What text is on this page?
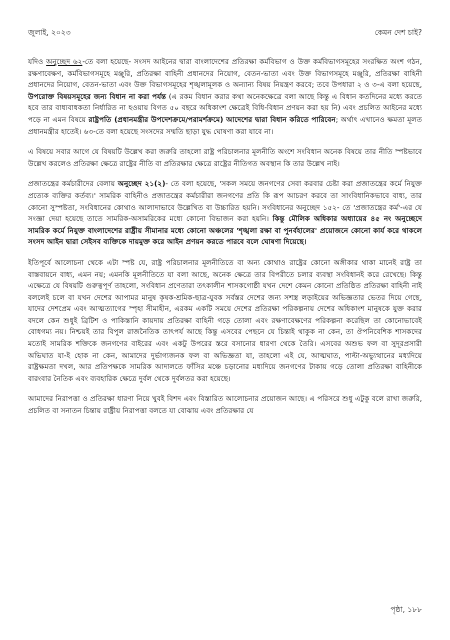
জুলাই, ২০২৩	কেমন দেশ চাই?

যদিও অনুচ্ছেদ ৬২-তে বলা হয়েছে- সংসদ আইনের দ্বারা বাংলাদেশের প্রতিরক্ষা কর্মবিভাগ ও উক্ত কর্মবিভাগসমূহের সংরক্ষিত অংশ গঠন, রক্ষণাবেক্ষণ, কর্মবিভাগসমূহে মঞ্জুরি, প্রতিরক্ষা বাহিনী প্রধানদের নিয়োগ, বেতন-ভাতা এবং উক্ত বিভাগসমূহে মঞ্জুরি, প্রতিরক্ষা বাহিনী প্রধানদের নিয়োগ, বেতন-ভাতা এবং উক্ত বিভাগসমূহের শৃঙ্খলামূলক ও অন্যান্য বিষয় নিয়ন্ত্রণ করবে; তবে উপধারা ২ ও ৩-এ বলা হয়েছে, উপরোক্ত বিষয়সমূহের জন্য বিধান না করা পর্যন্ত (এ রকম বিধান করার কথা অনেকক্ষেত্রে বলা আছে কিন্তু এ বিধান কতদিনের মধ্যে করতে হবে তার বাধ্যবাধকতা নির্ধারিত না হওয়ায় বিগত ৫০ বছরে অধিকাংশ ক্ষেত্রেই বিধি-বিধান প্রণয়ন করা হয় নি) এবং প্রচলিত আইনের মধ্যে পড়ে না এমন বিষয়ে রাষ্ট্রপতি (প্রধানমন্ত্রীর উপদেশক্রমে/পরামর্শক্রমে) আদেশের দ্বারা বিধান করিতে পারিবেন; অর্থাৎ এখানেও ক্ষমতা মূলত প্রধানমন্ত্রীর হাতেই। ৬৩-তে বলা হয়েছে সংসদের সম্মতি ছাড়া যুদ্ধ ঘোষণা করা যাবে না।

এ বিষয়ে সবার আগে যে বিষয়টি উল্লেখ করা জরুরি তাহলো রাষ্ট্র পরিচালনার মূলনীতি অংশে সংবিধান অনেক বিষয়ে তার নীতি স্পষ্টভাবে উল্লেখ করলেও প্রতিরক্ষা ক্ষেত্রে রাষ্ট্রের নীতি বা প্রতিরক্ষার ক্ষেত্রে রাষ্ট্রের নীতিগত অবস্থান কি তার উল্লেখ নাই।

প্রজাতন্ত্রের কর্মচারীদের বেলায় অনুচ্ছেদ ২১(২)- তে বলা হয়েছে, 'সকল সময়ে জনগণের সেবা করবার চেষ্টা করা প্রজাতন্ত্রের কর্মে নিযুক্ত প্রত্যেক ব্যক্তির কর্তব্য।' সামরিক বাহিনীও প্রজাতন্ত্রের কর্মচারীরা জনগণের প্রতি কি রূপ আচরণ করবে তা সাংবিধানিকভাবে বাধ্য, তার কোনো সুস্পষ্টতা, সংবিধানের কোথাও আলাদাভাবে উল্লেখিত বা উচ্চারিত হয়নি। সংবিধানের অনুচ্ছেদ ১৫২- তে 'প্রজাতন্ত্রের কর্ম'-এর যে সংজ্ঞা দেয়া হয়েছে তাতে সামরিক-অসামরিকের মধ্যে কোনো বিভাজন করা হয়নি। কিন্তু মৌলিক অধিকার অধ্যায়ের ৪৫ নং অনুচ্ছেদে সামরিক কর্মে নিযুক্ত বাংলাদেশের রাষ্ট্রীয় সীমানার মধ্যে কোনো অঞ্চলের 'শৃঙ্খলা রক্ষা বা পুনর্বহালের' প্রয়োজনে কোনো কার্য করে থাকলে সংসদ আইন দ্বারা সেইসব ব্যক্তিকে দায়মুক্ত করে আইন প্রণয়ন করতে পারবে বলে ঘোষণা দিয়েছে।

ইতিপূর্বে আলোচনা থেকে এটা স্পষ্ট যে, রাষ্ট্র পরিচালনার মূলনীতিতে বা অন্য কোথাও রাষ্ট্রের কোনো অঙ্গীকার থাকা মানেই রাষ্ট্র তা বাস্তবায়নে বাধ্য, এমন নয়; এমনকি মূলনীতিতে যা বলা আছে, অনেক ক্ষেত্রে তার বিপরীতে চলার ব্যবস্থা সংবিধানই করে রেখেছে। কিন্তু এক্ষেত্রে যে বিষয়টি গুরুত্বপূর্ণ তাহলো, সংবিধান প্রণেতারা তৎকালীন শাসকগোষ্ঠী যখন দেশে কেমন কোনো প্রতিষ্ঠিত প্রতিরক্ষা বাহিনী নাই বললেই চলে বা যখন দেশের আপামর মানুষ কৃষক-শ্রমিক-ছাত্র-যুবক সর্বস্তর দেশের জন্য সশস্ত্র লড়াইয়ের অভিজ্ঞতার ভেতর দিয়ে গেছে, যাদের দেশপ্রেম এবং আত্মত্যাগের স্পৃহা সীমাহীন, এরকম একটি সময়ে দেশের প্রতিরক্ষা পরিকল্পনায় দেশের অধিকাংশ মানুষকে যুক্ত করার বদলে কেন শুধুই ব্রিটিশ ও পাকিস্তানি কায়দায় প্রতিরক্ষা বাহিনী গড়ে তোলা এবং রক্ষণাবেক্ষণের পরিকল্পনা করেছিল তা কোনোভাবেই বোধগম্য নয়। নিশ্চয়ই তার বিপুল রাজনৈতিক তাৎপর্য আছে কিন্তু এসবের পেছনে যে চিন্তাই থাকুক না কেন, তা ঔপনিবেশিক শাসকদের মতোই সামরিক শক্তিকে জনগণের বাইরের এবং একটু উপরের স্তরে বসানোর ধারণা থেকে তৈরি। এসবের অশুভ ফল বা সুদূরপ্রসারী অভিঘাত যা-ই হোক না কেন, আমাদের দুর্ভাগ্যজনক ফল বা অভিজ্ঞতা যা, তাহলো এই যে, আত্মঘাত, পাল্টা-অভ্যুত্থানের মধ্যদিয়ে রাষ্ট্রক্ষমতা দখল, আর প্রতিপক্ষকে সামরিক আদালতে ফাঁসির মঞ্চে চড়ানোর মধ্যদিয়ে জনগণের টাকায় গড়ে তোলা প্রতিরক্ষা বাহিনীকে বারংবার নৈতিক এবং ব্যবহারিক ক্ষেত্রে দুর্বল থেকে দুর্বলতর করা হয়েছে।

আমাদের নিরাপত্তা ও প্রতিরক্ষা ধারণা নিয়ে খুবই বিশদ এবং বিস্তারিত আলোচনার প্রয়োজন আছে। এ পরিসরে শুধু এটুকু বলে রাখা জরুরি, প্রচলিত বা সনাতন চিন্তায় রাষ্ট্রীয় নিরাপত্তা বলতে যা বোঝায় এবং প্রতিরক্ষার যে

পৃষ্ঠা, ১৮৮
